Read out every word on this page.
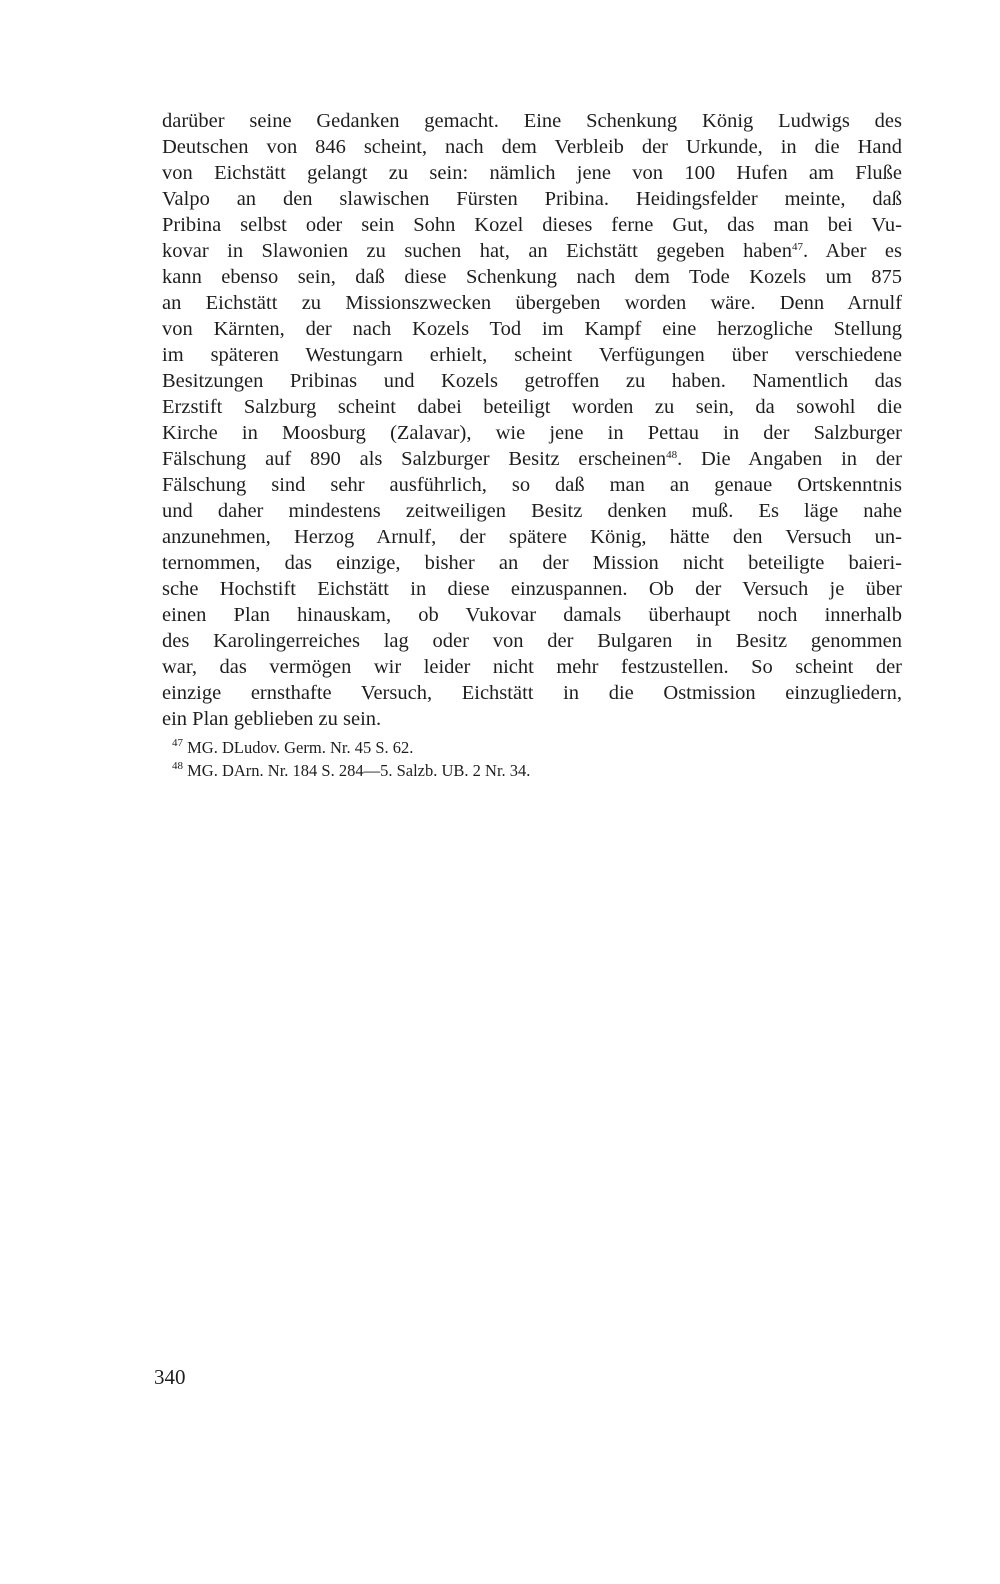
darüber seine Gedanken gemacht. Eine Schenkung König Ludwigs des
Deutschen von 846 scheint, nach dem Verbleib der Urkunde, in die Hand
von Eichstätt gelangt zu sein: nämlich jene von 100 Hufen am Fluße
Valpo an den slawischen Fürsten Pribina. Heidingsfelder meinte, daß
Pribina selbst oder sein Sohn Kozel dieses ferne Gut, das man bei Vu-
kovar in Slawonien zu suchen hat, an Eichstätt gegeben haben$^{47}$. Aber es
kann ebenso sein, daß diese Schenkung nach dem Tode Kozels um 875
an Eichstätt zu Missionszwecken übergeben worden wäre. Denn Arnulf
von Kärnten, der nach Kozels Tod im Kampf eine herzogliche Stellung
im späteren Westungarn erhielt, scheint Verfügungen über verschiedene
Besitzungen Pribinas und Kozels getroffen zu haben. Namentlich das
Erzstift Salzburg scheint dabei beteiligt worden zu sein, da sowohl die
Kirche in Moosburg (Zalavar), wie jene in Pettau in der Salzburger
Fälschung auf 890 als Salzburger Besitz erscheinen$^{48}$. Die Angaben in der
Fälschung sind sehr ausführlich, so daß man an genaue Ortskenntnis
und daher mindestens zeitweiligen Besitz denken muß. Es läge nahe
anzunehmen, Herzog Arnulf, der spätere König, hätte den Versuch un-
ternommen, das einzige, bisher an der Mission nicht beteiligte baieri-
sche Hochstift Eichstätt in diese einzuspannen. Ob der Versuch je über
einen Plan hinauskam, ob Vukovar damals überhaupt noch innerhalb
des Karolingerreiches lag oder von der Bulgaren in Besitz genommen
war, das vermögen wir leider nicht mehr festzustellen. So scheint der
einzige ernsthafte Versuch, Eichstätt in die Ostmission einzugliedern,
ein Plan geblieben zu sein.
$^{47}$ MG. DLudov. Germ. Nr. 45 S. 62.
$^{48}$ MG. DArn. Nr. 184 S. 284—5. Salzb. UB. 2 Nr. 34.
340
